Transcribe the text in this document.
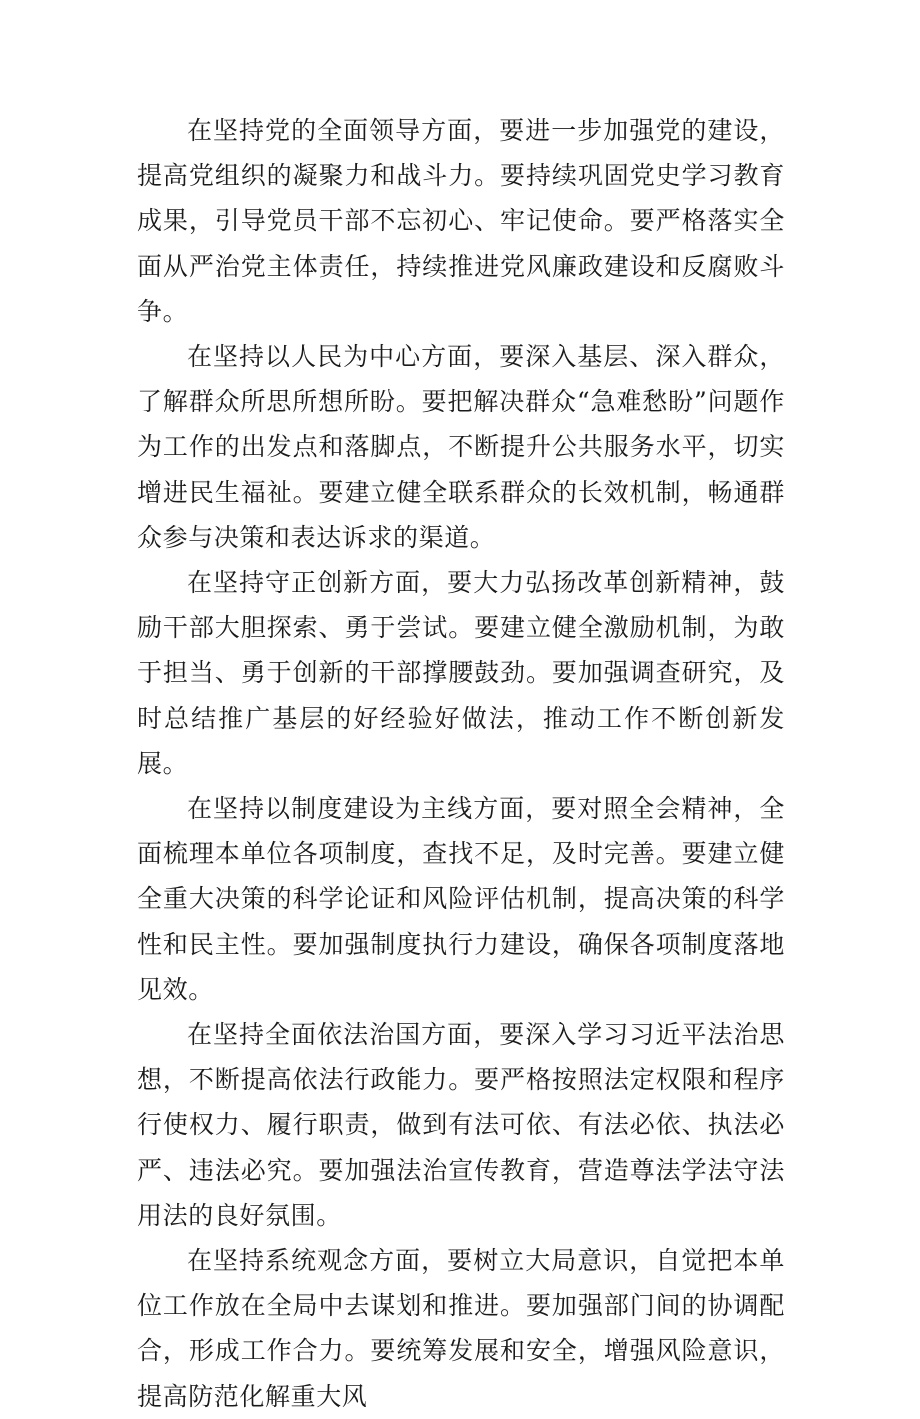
在坚持党的全面领导方面，要进一步加强党的建设，提高党组织的凝聚力和战斗力。要持续巩固党史学习教育成果，引导党员干部不忘初心、牢记使命。要严格落实全面从严治党主体责任，持续推进党风廉政建设和反腐败斗争。

在坚持以人民为中心方面，要深入基层、深入群众，了解群众所思所想所盼。要把解决群众“急难愁盼”问题作为工作的出发点和落脚点，不断提升公共服务水平，切实增进民生福祉。要建立健全联系群众的长效机制，畅通群众参与决策和表达诉求的渠道。

在坚持守正创新方面，要大力弘扬改革创新精神，鼓励干部大胆探索、勇于尝试。要建立健全激励机制，为敢于担当、勇于创新的干部撑腰鼓劲。要加强调查研究，及时总结推广基层的好经验好做法，推动工作不断创新发展。

在坚持以制度建设为主线方面，要对照全会精神，全面梳理本单位各项制度，查找不足，及时完善。要建立健全重大决策的科学论证和风险评估机制，提高决策的科学性和民主性。要加强制度执行力建设，确保各项制度落地见效。

在坚持全面依法治国方面，要深入学习习近平法治思想，不断提高依法行政能力。要严格按照法定权限和程序行使权力、履行职责，做到有法可依、有法必依、执法必严、违法必究。要加强法治宣传教育，营造尊法学法守法用法的良好氛围。

在坚持系统观念方面，要树立大局意识，自觉把本单位工作放在全局中去谋划和推进。要加强部门间的协调配合，形成工作合力。要统筹发展和安全，增强风险意识，提高防范化解重大风
